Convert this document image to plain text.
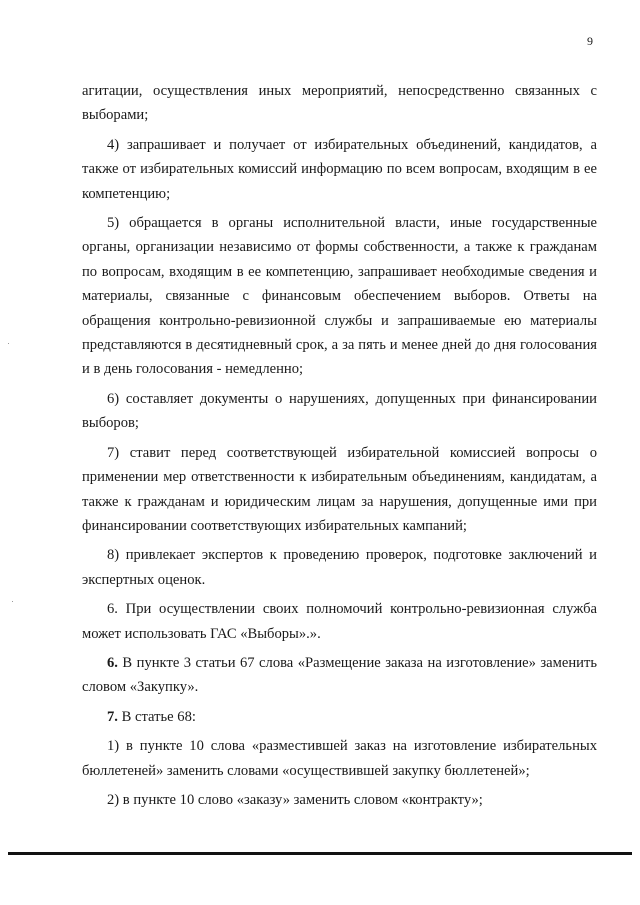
9

агитации, осуществления иных мероприятий, непосредственно связанных с выборами;

4) запрашивает и получает от избирательных объединений, кандидатов, а также от избирательных комиссий информацию по всем вопросам, входящим в ее компетенцию;

5) обращается в органы исполнительной власти, иные государственные органы, организации независимо от формы собственности, а также к гражданам по вопросам, входящим в ее компетенцию, запрашивает необходимые сведения и материалы, связанные с финансовым обеспечением выборов. Ответы на обращения контрольно-ревизионной службы и запрашиваемые ею материалы представляются в десятидневный срок, а за пять и менее дней до дня голосования и в день голосования - немедленно;

6) составляет документы о нарушениях, допущенных при финансировании выборов;

7) ставит перед соответствующей избирательной комиссией вопросы о применении мер ответственности к избирательным объединениям, кандидатам, а также к гражданам и юридическим лицам за нарушения, допущенные ими при финансировании соответствующих избирательных кампаний;

8) привлекает экспертов к проведению проверок, подготовке заключений и экспертных оценок.

6. При осуществлении своих полномочий контрольно-ревизионная служба может использовать ГАС «Выборы».».

6. В пункте 3 статьи 67 слова «Размещение заказа на изготовление» заменить словом «Закупку».

7. В статье 68:

1) в пункте 10 слова «разместившей заказ на изготовление избирательных бюллетеней» заменить словами «осуществившей закупку бюллетеней»;

2) в пункте 10 слово «заказу» заменить словом «контракту»;
